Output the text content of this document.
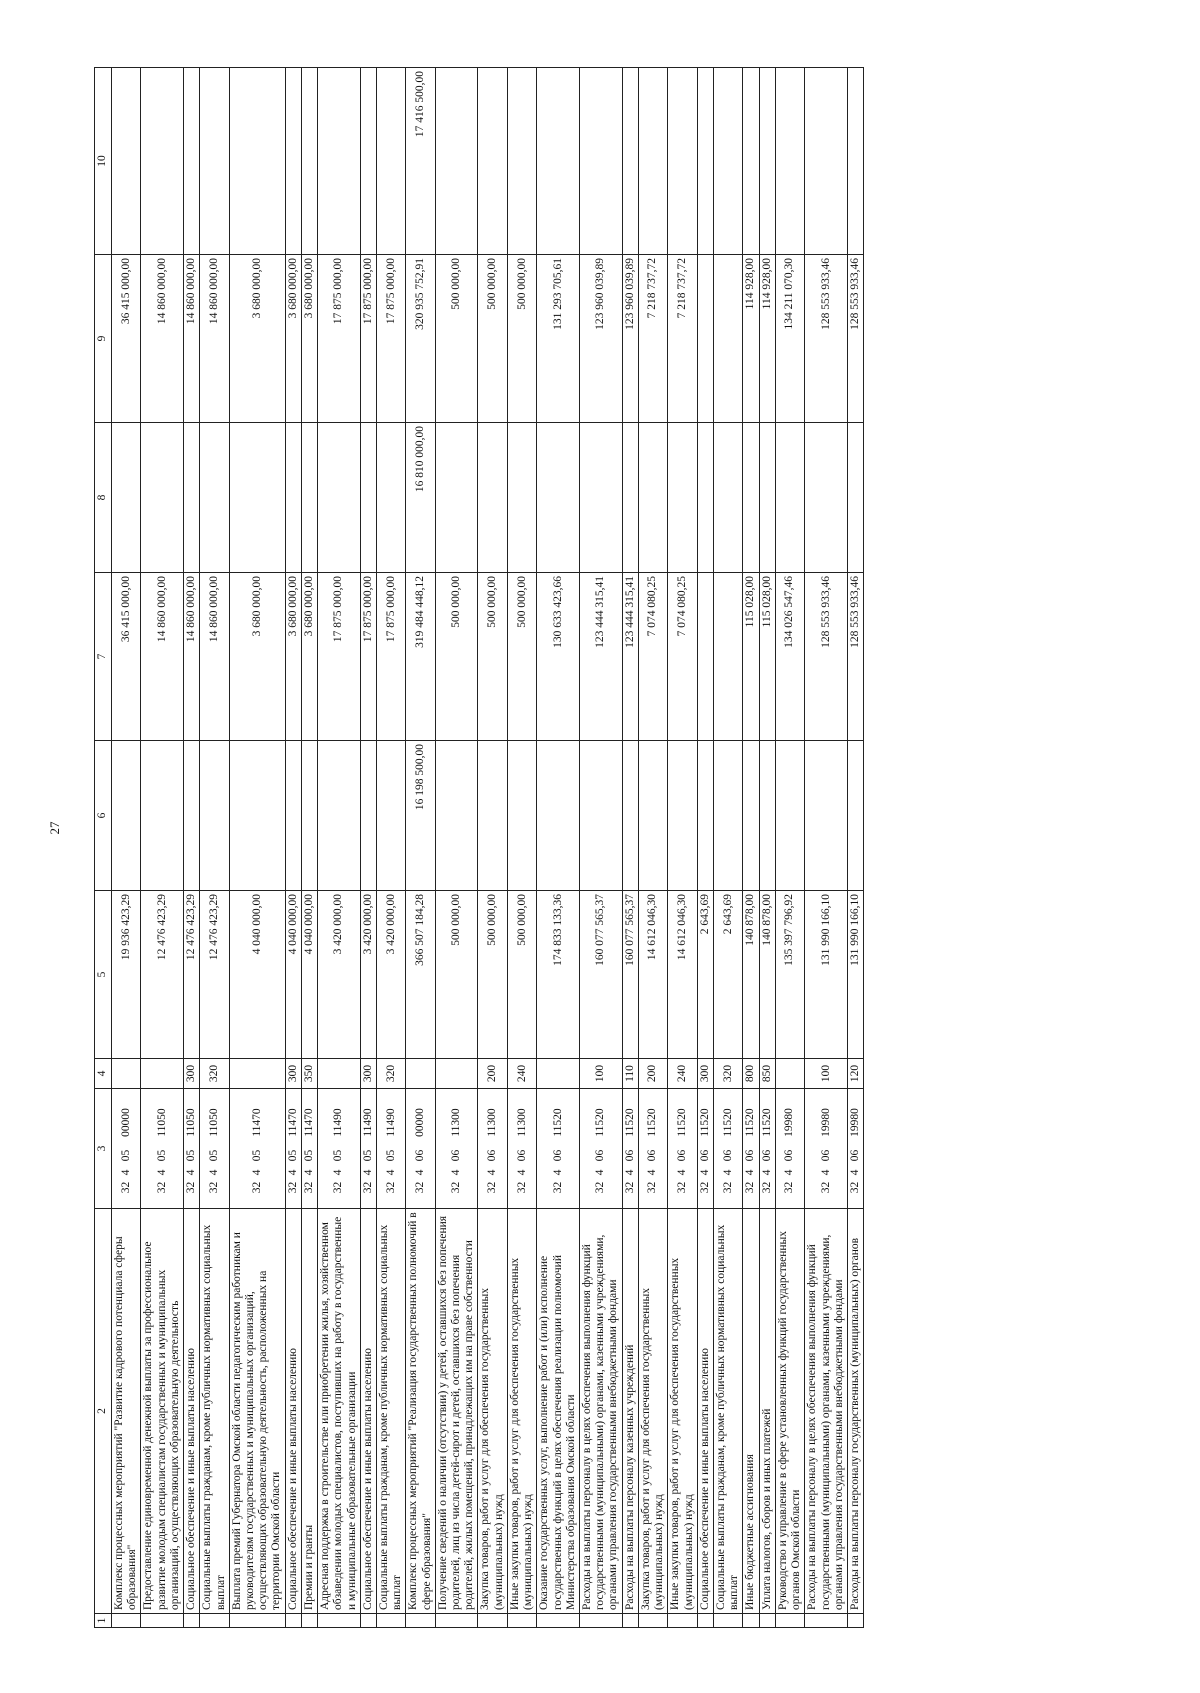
27
1	2	3	4	5	6	7	8	9	10
	Комплекс процессных мероприятий "Развитие кадрового потенциала сферы образования"	3240500000		19 936 423,29		36 415 000,00		36 415 000,00	
	Предоставление единовременной денежной выплаты за профессиональное развитие молодым специалистам государственных и муниципальных организаций, осуществляющих образовательную деятельность	3240511050		12 476 423,29		14 860 000,00		14 860 000,00	
	Социальное обеспечение и иные выплаты населению	3240511050	300	12 476 423,29		14 860 000,00		14 860 000,00	
	Социальные выплаты гражданам, кроме публичных нормативных социальных выплат	3240511050	320	12 476 423,29		14 860 000,00		14 860 000,00	
	Выплата премий Губернатора Омской области педагогическим работникам и руководителям государственных и муниципальных организаций, осуществляющих образовательную деятельность, расположенных на территории Омской области	3240511470		4 040 000,00		3 680 000,00		3 680 000,00	
	Социальное обеспечение и иные выплаты населению	3240511470	300	4 040 000,00		3 680 000,00		3 680 000,00	
	Премии и гранты	3240511470	350	4 040 000,00		3 680 000,00		3 680 000,00	
	Адресная поддержка в строительстве или приобретении жилья, хозяйственном обзаведении молодых специалистов, поступивших на работу в государственные и муниципальные образовательные организации	3240511490		3 420 000,00		17 875 000,00		17 875 000,00	
	Социальное обеспечение и иные выплаты населению	3240511490	300	3 420 000,00		17 875 000,00		17 875 000,00	
	Социальные выплаты гражданам, кроме публичных нормативных социальных выплат	3240511490	320	3 420 000,00		17 875 000,00		17 875 000,00	
	Комплекс процессных мероприятий "Реализация государственных полномочий в сфере образования"	3240600000		366 507 184,28	16 198 500,00	319 484 448,12	16 810 000,00	320 935 752,91	17 416 500,00
	Получение сведений о наличии (отсутствии) у детей, оставшихся без попечения родителей, лиц из числа детей-сирот и детей, оставшихся без попечения родителей, жилых помещений, принадлежащих им на праве собственности	3240611300		500 000,00		500 000,00		500 000,00	
	Закупка товаров, работ и услуг для обеспечения государственных (муниципальных) нужд	3240611300	200	500 000,00		500 000,00		500 000,00	
	Иные закупки товаров, работ и услуг для обеспечения государственных (муниципальных) нужд	3240611300	240	500 000,00		500 000,00		500 000,00	
	Оказание государственных услуг, выполнение работ и (или) исполнение государственных функций в целях обеспечения реализации полномочий Министерства образования Омской области	3240611520		174 833 133,36		130 633 423,66		131 293 705,61	
	Расходы на выплаты персоналу в целях обеспечения выполнения функций государственными (муниципальными) органами, казенными учреждениями, органами управления государственными внебюджетными фондами	3240611520	100	160 077 565,37		123 444 315,41		123 960 039,89	
	Расходы на выплаты персоналу казенных учреждений	3240611520	110	160 077 565,37		123 444 315,41		123 960 039,89	
	Закупка товаров, работ и услуг для обеспечения государственных (муниципальных) нужд	3240611520	200	14 612 046,30		7 074 080,25		7 218 737,72	
	Иные закупки товаров, работ и услуг для обеспечения государственных (муниципальных) нужд	3240611520	240	14 612 046,30		7 074 080,25		7 218 737,72	
	Социальное обеспечение и иные выплаты населению	3240611520	300	2 643,69					
	Социальные выплаты гражданам, кроме публичных нормативных социальных выплат	3240611520	320	2 643,69					
	Иные бюджетные ассигнования	3240611520	800	140 878,00		115 028,00		114 928,00	
	Уплата налогов, сборов и иных платежей	3240611520	850	140 878,00		115 028,00		114 928,00	
	Руководство и управление в сфере установленных функций государственных органов Омской области	3240619980		135 397 796,92		134 026 547,46		134 211 070,30	
	Расходы на выплаты персоналу в целях обеспечения выполнения функций государственными (муниципальными) органами, казенными учреждениями, органами управления государственными внебюджетными фондами	3240619980	100	131 990 166,10		128 553 933,46		128 553 933,46	
	Расходы на выплаты персоналу государственных (муниципальных) органов	3240619980	120	131 990 166,10		128 553 933,46		128 553 933,46	
